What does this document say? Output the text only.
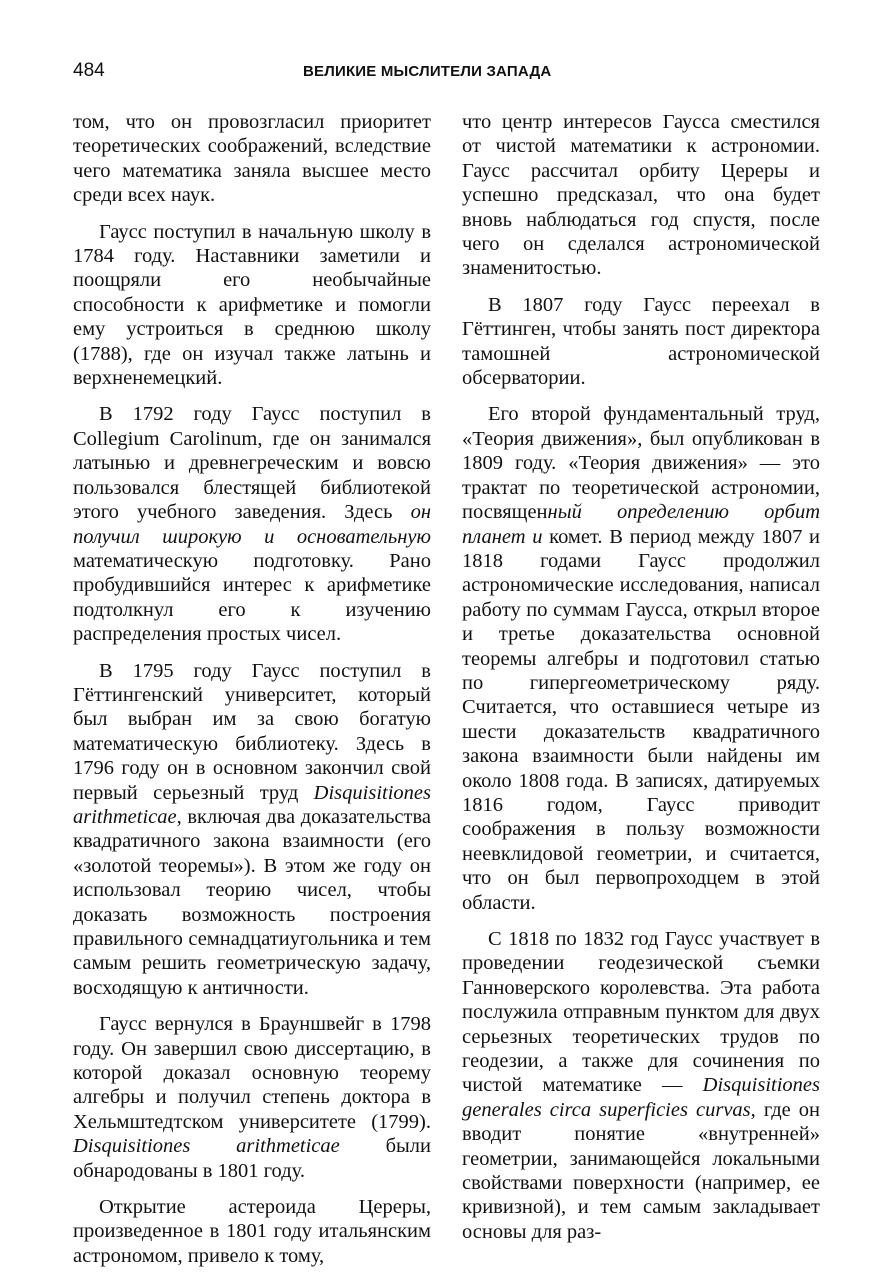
484	ВЕЛИКИЕ МЫСЛИТЕЛИ ЗАПАДА

том, что он провозгласил приоритет теоретических соображений, вследствие чего математика заняла высшее место среди всех наук.

Гаусс поступил в начальную школу в 1784 году. Наставники заметили и поощряли его необычайные способности к арифметике и помогли ему устроиться в среднюю школу (1788), где он изучал также латынь и верхненемецкий.

В 1792 году Гаусс поступил в Collegium Carolinum, где он занимался латынью и древнегреческим и вовсю пользовался блестящей библиотекой этого учебного заведения. Здесь он получил широкую и основательную математическую подготовку. Рано пробудившийся интерес к арифметике подтолкнул его к изучению распределения простых чисел.

В 1795 году Гаусс поступил в Гёттингенский университет, который был выбран им за свою богатую математическую библиотеку. Здесь в 1796 году он в основном закончил свой первый серьезный труд Disquisitiones arithmeticae, включая два доказательства квадратичного закона взаимности (его «золотой теоремы»). В этом же году он использовал теорию чисел, чтобы доказать возможность построения правильного семнадцатиугольника и тем самым решить геометрическую задачу, восходящую к античности.

Гаусс вернулся в Брауншвейг в 1798 году. Он завершил свою диссертацию, в которой доказал основную теорему алгебры и получил степень доктора в Хельмштедтском университете (1799). Disquisitiones arithmeticae были обнародованы в 1801 году.

Открытие астероида Цереры, произведенное в 1801 году итальянским астрономом, привело к тому,

что центр интересов Гаусса сместился от чистой математики к астрономии. Гаусс рассчитал орбиту Цереры и успешно предсказал, что она будет вновь наблюдаться год спустя, после чего он сделался астрономической знаменитостью.

В 1807 году Гаусс переехал в Гёттинген, чтобы занять пост директора тамошней астрономической обсерватории.

Его второй фундаментальный труд, «Теория движения», был опубликован в 1809 году. «Теория движения» — это трактат по теоретической астрономии, посвященный определению орбит планет и комет. В период между 1807 и 1818 годами Гаусс продолжил астрономические исследования, написал работу по суммам Гаусса, открыл второе и третье доказательства основной теоремы алгебры и подготовил статью по гипергеометрическому ряду. Считается, что оставшиеся четыре из шести доказательств квадратичного закона взаимности были найдены им около 1808 года. В записях, датируемых 1816 годом, Гаусс приводит соображения в пользу возможности неевклидовой геометрии, и считается, что он был первопроходцем в этой области.

С 1818 по 1832 год Гаусс участвует в проведении геодезической съемки Ганноверского королевства. Эта работа послужила отправным пунктом для двух серьезных теоретических трудов по геодезии, а также для сочинения по чистой математике — Disquisitiones generales circa superficies curvas, где он вводит понятие «внутренней» геометрии, занимающейся локальными свойствами поверхности (например, ее кривизной), и тем самым закладывает основы для раз-
